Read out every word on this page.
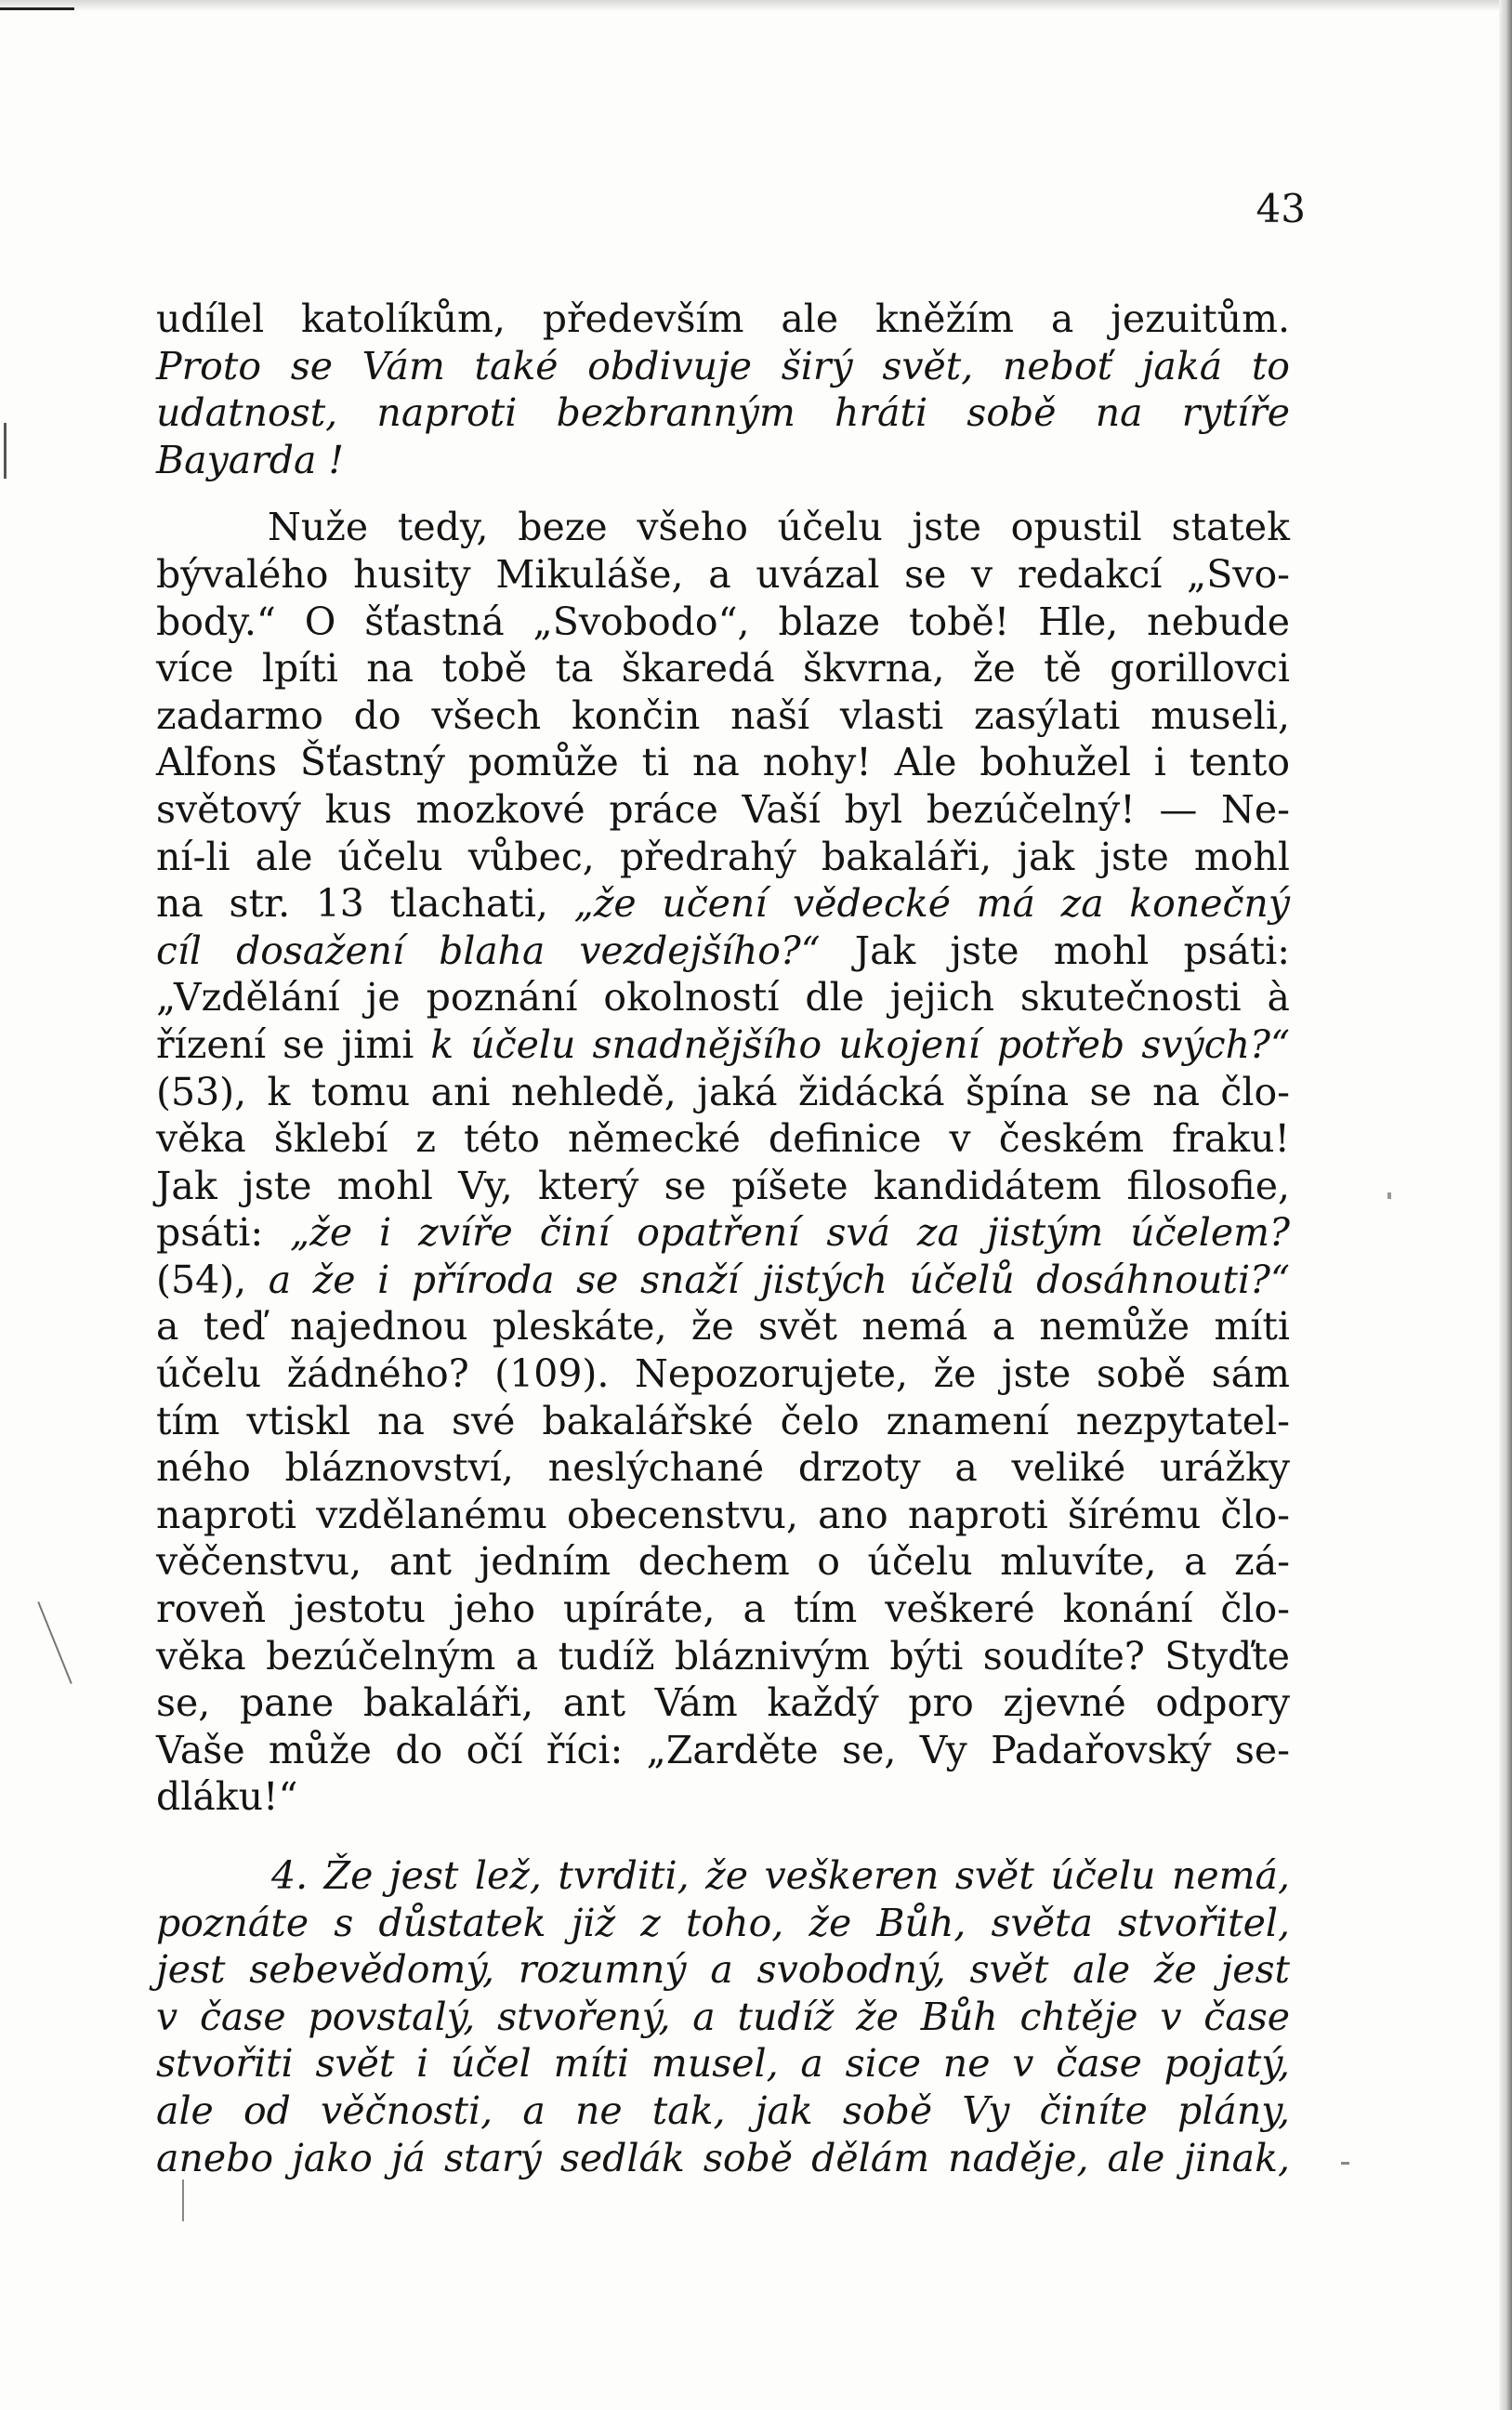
43
udílel katolíkům, především ale kněžím a jezuitům.
Proto se Vám také obdivuje širý svět, neboť jaká to
udatnost, naproti bezbranným hráti sobě na rytíře
Bayarda !
Nuže tedy, beze všeho účelu jste opustil statek
bývalého husity Mikuláše, a uvázal se v redakcí „Svo-
body.“ O šťastná „Svobodo“, blaze tobě! Hle, nebude
více lpíti na tobě ta škaredá škvrna, že tě gorillovci
zadarmo do všech končin naší vlasti zasýlati museli,
Alfons Šťastný pomůže ti na nohy! Ale bohužel i tento
světový kus mozkové práce Vaší byl bezúčelný! — Ne-
ní-li ale účelu vůbec, předrahý bakaláři, jak jste mohl
na str. 13 tlachati, „že učení vědecké má za konečný
cíl dosažení blaha vezdejšího?“ Jak jste mohl psáti:
„Vzdělání je poznání okolností dle jejich skutečnosti à
řízení se jimi k účelu snadnějšího ukojení potřeb svých?“
(53), k tomu ani nehledě, jaká židácká špína se na člo-
věka šklebí z této německé definice v českém fraku!
Jak jste mohl Vy, který se píšete kandidátem filosofie,
psáti: „že i zvíře činí opatření svá za jistým účelem?
(54), a že i příroda se snaží jistých účelů dosáhnouti?“
a teď najednou pleskáte, že svět nemá a nemůže míti
účelu žádného? (109). Nepozorujete, že jste sobě sám
tím vtiskl na své bakalářské čelo znamení nezpytatel-
ného bláznovství, neslýchané drzoty a veliké urážky
naproti vzdělanému obecenstvu, ano naproti šírému člo-
věčenstvu, ant jedním dechem o účelu mluvíte, a zá-
roveň jestotu jeho upíráte, a tím veškeré konání člo-
věka bezúčelným a tudíž bláznivým býti soudíte? Styďte
se, pane bakaláři, ant Vám každý pro zjevné odpory
Vaše může do očí říci: „Zarděte se, Vy Padařovský se-
dláku!“
4. Že jest lež, tvrditi, že veškeren svět účelu nemá,
poznáte s důstatek již z toho, že Bůh, světa stvořitel,
jest sebevědomý, rozumný a svobodný, svět ale že jest
v čase povstalý, stvořený, a tudíž že Bůh chtěje v čase
stvořiti svět i účel míti musel, a sice ne v čase pojatý,
ale od věčnosti, a ne tak, jak sobě Vy činíte plány,
anebo jako já starý sedlák sobě dělám naděje, ale jinak,
